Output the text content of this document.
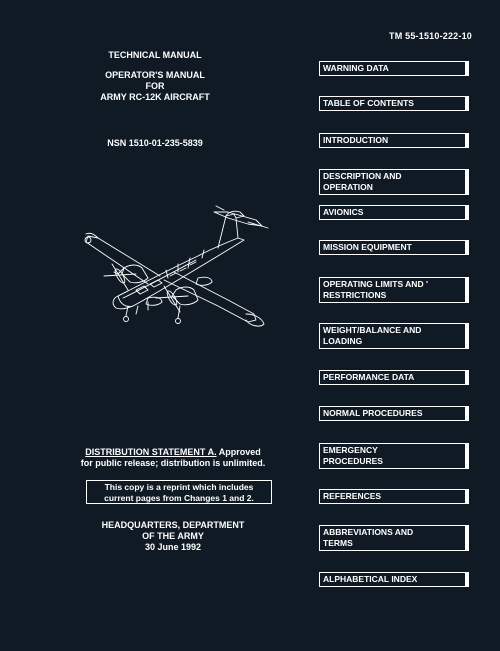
TM 55-1510-222-10
TECHNICAL MANUAL
OPERATOR'S MANUAL
FOR
ARMY RC-12K AIRCRAFT
NSN 1510-01-235-5839
DISTRIBUTION STATEMENT A. Approved
for public release; distribution is unlimited.
This copy is a reprint which includes
current pages from Changes 1 and 2.
HEADQUARTERS, DEPARTMENT
OF THE ARMY
30 June 1992
WARNING DATA
TABLE OF CONTENTS
INTRODUCTION
DESCRIPTION AND
OPERATION
AVIONICS
MISSION EQUIPMENT
OPERATING LIMITS AND '
RESTRICTIONS
WEIGHT/BALANCE AND
LOADING
PERFORMANCE DATA
NORMAL PROCEDURES
EMERGENCY
PROCEDURES
REFERENCES
ABBREVIATIONS AND
TERMS
ALPHABETICAL INDEX
